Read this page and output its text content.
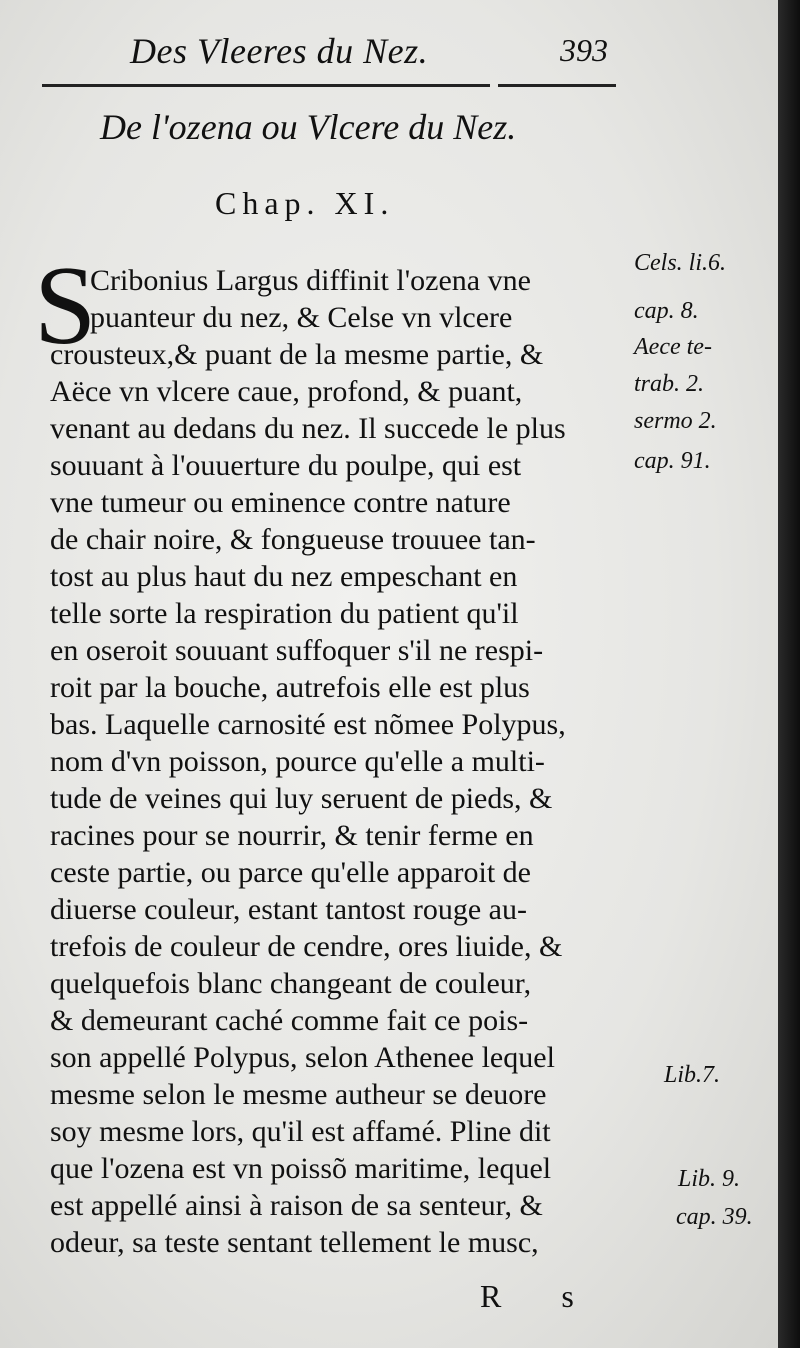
Des Vleeres du Nez.	393
De l'ozena ou Vlcere du Nez.
Chap. XI.
S
Cribonius Largus diffinit l'ozena vne
puanteur du nez, & Celse vn vlcere
crousteux,& puant de la mesme partie, &
Aëce vn vlcere caue, profond, & puant,
venant au dedans du nez. Il succede le plus
souuant à l'ouuerture du poulpe, qui est
vne tumeur ou eminence contre nature
de chair noire, & fongueuse trouuee tan-
tost au plus haut du nez empeschant en
telle sorte la respiration du patient qu'il
en oseroit souuant suffoquer s'il ne respi-
roit par la bouche, autrefois elle est plus
bas. Laquelle carnosité est nõmee Polypus,
nom d'vn poisson, pource qu'elle a multi-
tude de veines qui luy seruent de pieds, &
racines pour se nourrir, & tenir ferme en
ceste partie, ou parce qu'elle apparoit de
diuerse couleur, estant tantost rouge au-
trefois de couleur de cendre, ores liuide, &
quelquefois blanc changeant de couleur,
& demeurant caché comme fait ce pois-
son appellé Polypus, selon Athenee lequel
mesme selon le mesme autheur se deuore
soy mesme lors, qu'il est affamé. Pline dit
que l'ozena est vn poissõ maritime, lequel
est appellé ainsi à raison de sa senteur, &
odeur, sa teste sentant tellement le musc,
Cels. li.6.
cap. 8.
Aece te-
trab. 2.
sermo 2.
cap. 91.
Lib.7.
Lib. 9.
cap. 39.
R s
